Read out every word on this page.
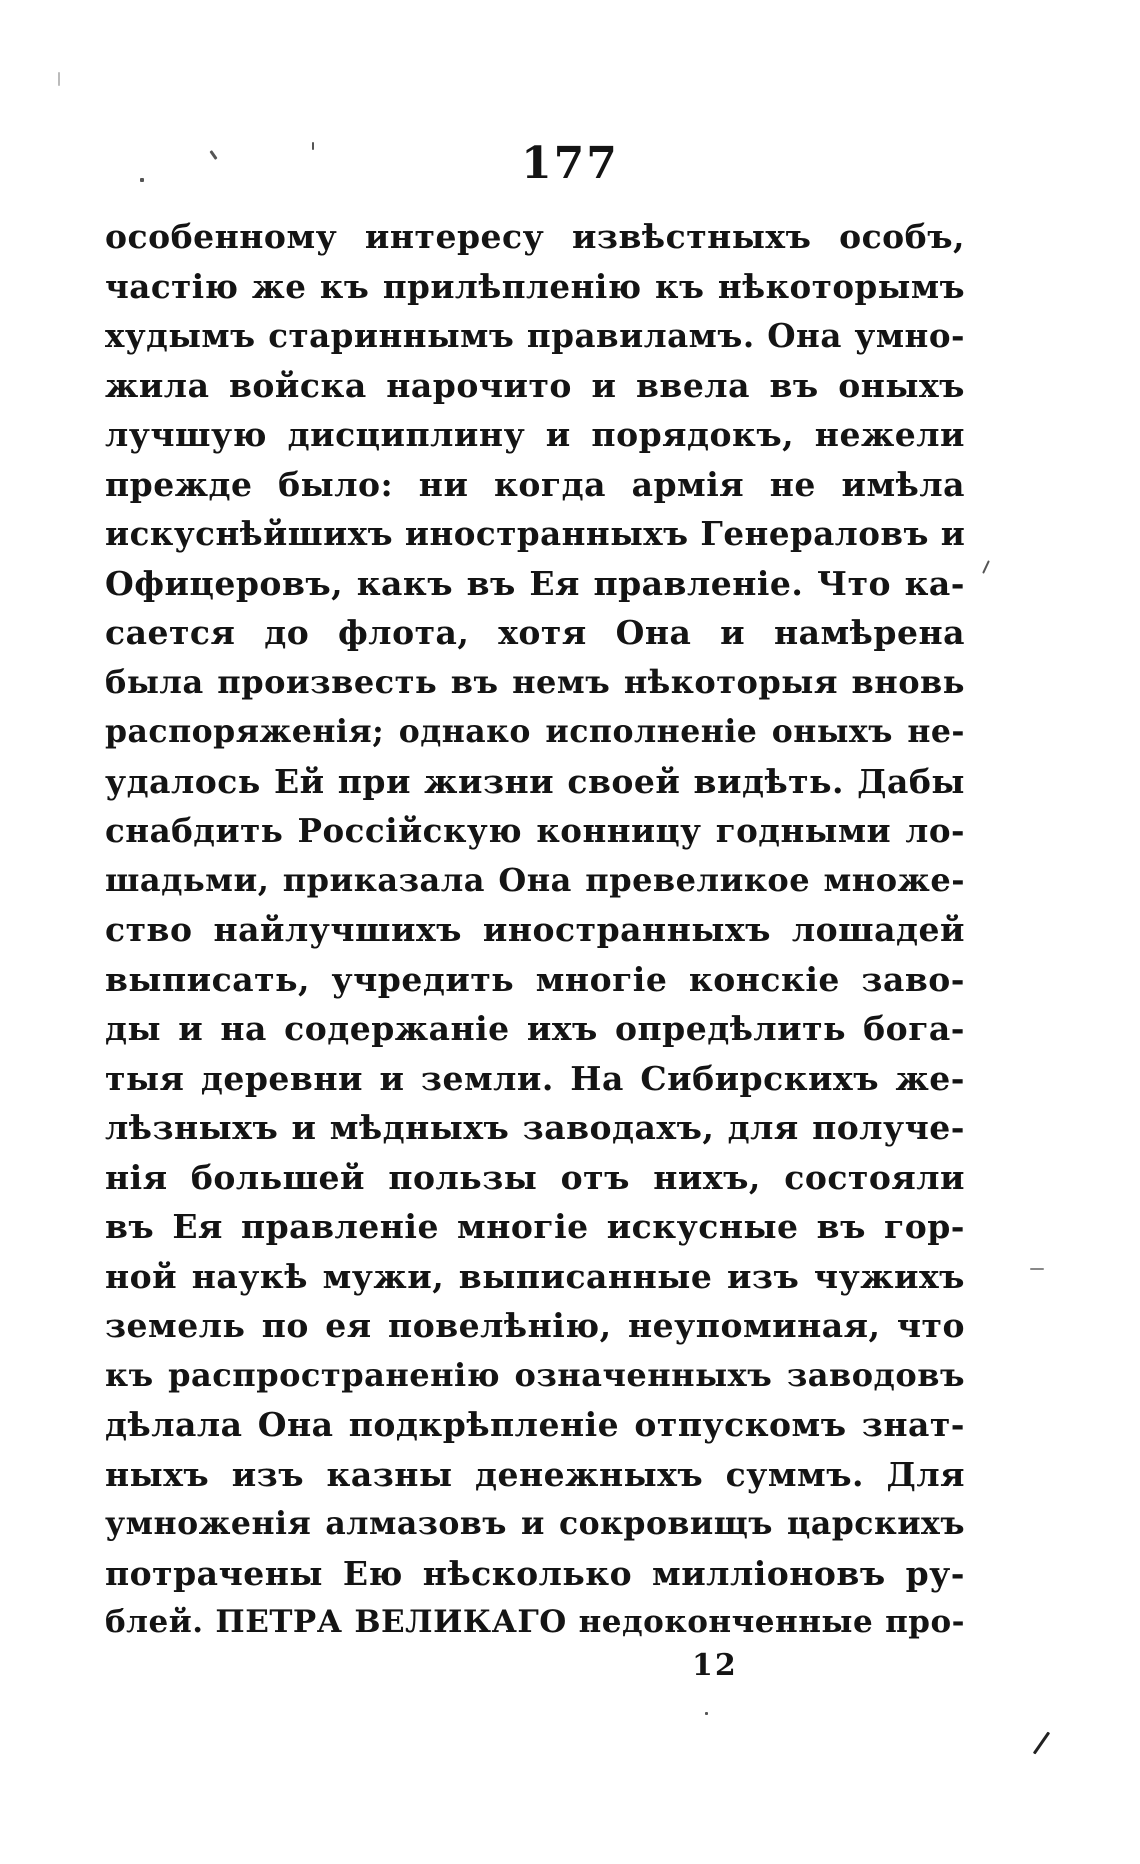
177
особенному интересу извѣстныхъ особъ,
частію же къ прилѣпленію къ нѣкоторымъ
худымъ стариннымъ правиламъ. Она умно-
жила войска нарочито и ввела въ оныхъ
лучшую дисциплину и порядокъ, нежели
прежде было: ни когда армія не имѣла
искуснѣйшихъ иностранныхъ Генераловъ и
Офицеровъ, какъ въ Ея правленіе. Что ка-
сается до флота, хотя Она и намѣрена
была произвесть въ немъ нѣкоторыя вновь
распоряженія; однако исполненіе оныхъ не-
удалось Ей при жизни своей видѣть. Дабы
снабдить Россійскую конницу годными ло-
шадьми, приказала Она превеликое множе-
ство найлучшихъ иностранныхъ лошадей
выписать, учредить многіе конскіе заво-
ды и на содержаніе ихъ опредѣлить бога-
тыя деревни и земли. На Сибирскихъ же-
лѣзныхъ и мѣдныхъ заводахъ, для получе-
нія большей пользы отъ нихъ, состояли
въ Ея правленіе многіе искусные въ гор-
ной наукѣ мужи, выписанные изъ чужихъ
земель по ея повелѣнію, неупоминая, что
къ распространенію означенныхъ заводовъ
дѣлала Она подкрѣпленіе отпускомъ знат-
ныхъ изъ казны денежныхъ суммъ. Для
умноженія алмазовъ и сокровищъ царскихъ
потрачены Ею нѣсколько милліоновъ ру-
блей. ПЕТРА ВЕЛИКАГО недоконченные про-
12
